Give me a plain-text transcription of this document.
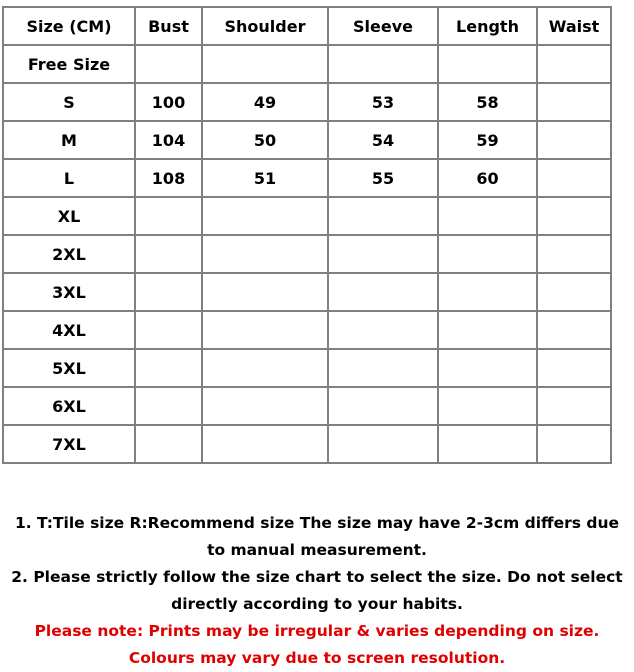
Size (CM)	Bust	Shoulder	Sleeve	Length	Waist
Free Size					
S	100	49	53	58	
M	104	50	54	59	
L	108	51	55	60	
XL					
2XL					
3XL					
4XL					
5XL					
6XL					
7XL					

1. T:Tile size R:Recommend size The size may have 2-3cm differs due

to manual measurement.

2. Please strictly follow the size chart to select the size. Do not select

directly according to your habits.

Please note: Prints may be irregular & varies depending on size.

Colours may vary due to screen resolution.
